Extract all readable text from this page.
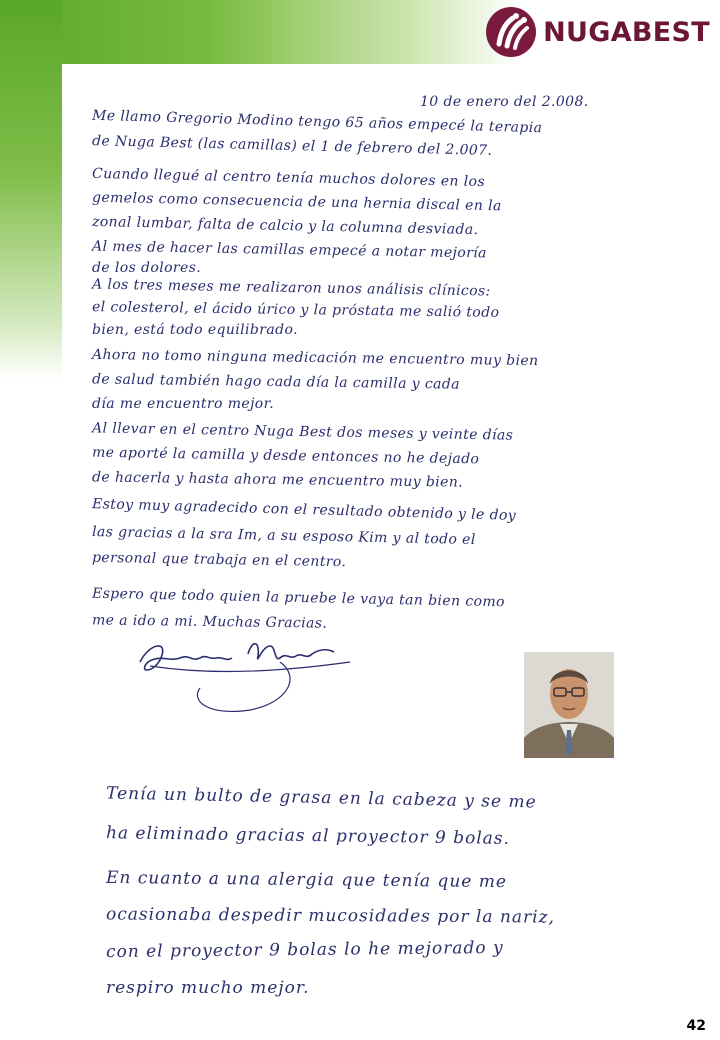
NUGABEST
10 de enero del 2.008.
Me llamo Gregorio Modino tengo 65 años empecé la terapia
de Nuga Best (las camillas) el 1 de febrero del 2.007.
Cuando llegué al centro tenía muchos dolores en los
gemelos como consecuencia de una hernia discal en la
zonal lumbar, falta de calcio y la columna desviada.
Al mes de hacer las camillas empecé a notar mejoría
de los dolores.
A los tres meses me realizaron unos análisis clínicos:
el colesterol, el ácido úrico y la próstata me salió todo
bien, está todo equilibrado.
Ahora no tomo ninguna medicación me encuentro muy bien
de salud también hago cada día la camilla y cada
día me encuentro mejor.
Al llevar en el centro Nuga Best dos meses y veinte días
me aporté la camilla y desde entonces no he dejado
de hacerla y hasta ahora me encuentro muy bien.
Estoy muy agradecido con el resultado obtenido y le doy
las gracias a la sra Im, a su esposo Kim y al todo el
personal que trabaja en el centro.
Espero que todo quien la pruebe le vaya tan bien como
me a ido a mi. Muchas Gracias.
Tenía un bulto de grasa en la cabeza y se me
ha eliminado gracias al proyector 9 bolas.
En cuanto a una alergia que tenía que me
ocasionaba despedir mucosidades por la nariz,
con el proyector 9 bolas lo he mejorado y
respiro mucho mejor.
42
